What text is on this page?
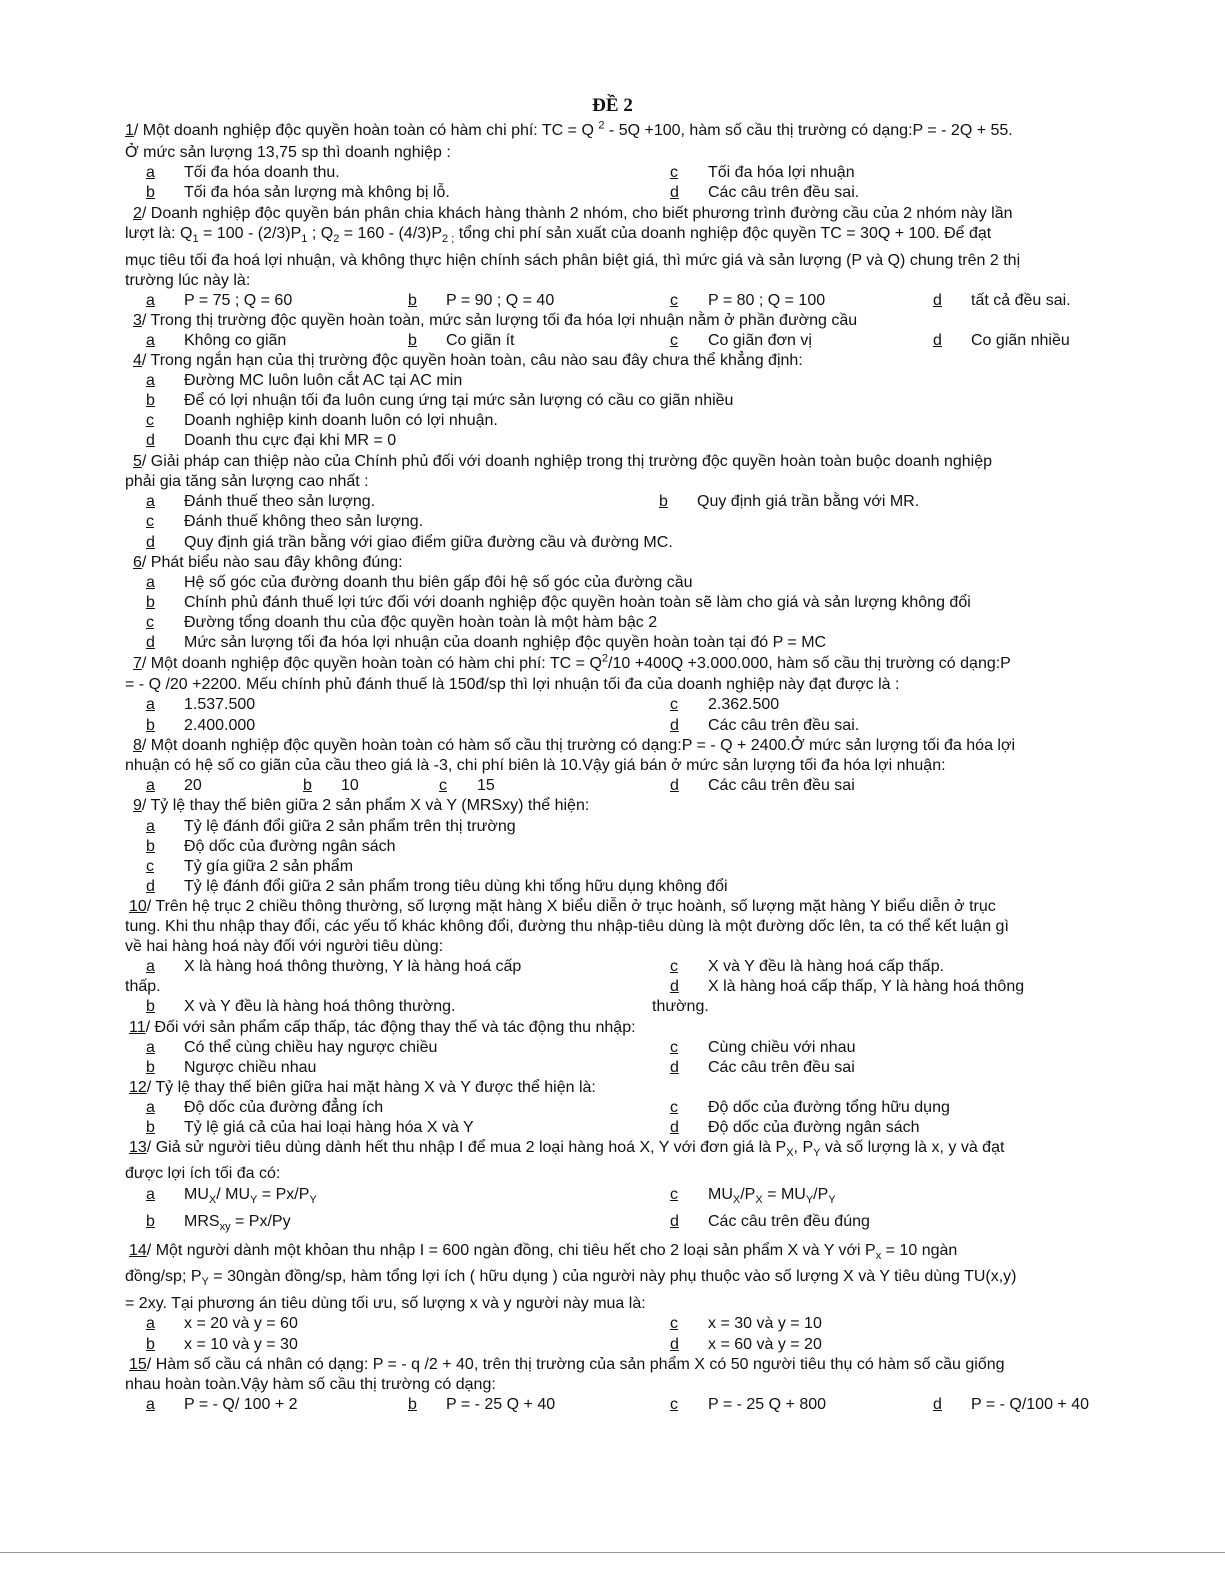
ĐỀ 2
1/ Một doanh nghiệp độc quyền hoàn toàn có hàm chi phí: TC = Q $^2$ - 5Q +100, hàm số cầu thị trường có dạng:P = - 2Q + 55.
Ở mức sản lượng 13,75 sp thì doanh nghiệp :
a Tối đa hóa doanh thu.
b Tối đa hóa sản lượng mà không bị lỗ.
c Tối đa hóa lợi nhuận
d Các câu trên đều sai.
2/ Doanh nghiệp độc quyền bán phân chia khách hàng thành 2 nhóm, cho biết phương trình đường cầu của 2 nhóm này lần
lượt là: $Q_1 = 100 - (2/3)P_1$ ; $Q_2 = 160 - (4/3)P_{2 ;}$ tổng chi phí sản xuất của doanh nghiệp độc quyền TC = 30Q + 100. Để đạt
mục tiêu tối đa hoá lợi nhuận, và không thực hiện chính sách phân biệt giá, thì mức giá và sản lượng (P và Q) chung trên 2 thị
trường lúc này là:
a P = 75 ; Q = 60	b P = 90 ; Q = 40	c P = 80 ; Q = 100	d tất cả đều sai.
3/ Trong thị trường độc quyền hoàn toàn, mức sản lượng tối đa hóa lợi nhuận nằm ở phần đường cầu
a Không co giãn	b Co giãn ít	c Co giãn đơn vị	d Co giãn nhiều
4/ Trong ngắn hạn của thị trường độc quyền hoàn toàn, câu nào sau đây chưa thể khẳng định:
a Đường MC luôn luôn cắt AC tại AC min
b Để có lợi nhuận tối đa luôn cung ứng tại mức sản lượng có cầu co giãn nhiều
c Doanh nghiệp kinh doanh luôn có lợi nhuận.
d Doanh thu cực đại khi MR = 0
5/ Giải pháp can thiệp nào của Chính phủ đối với doanh nghiệp trong thị trường độc quyền hoàn toàn buộc doanh nghiệp
phải gia tăng sản lượng cao nhất :
a Đánh thuế theo sản lượng.	b Quy định giá trần bằng với MR.
c Đánh thuế không theo sản lượng.
d Quy định giá trần bằng với giao điểm giữa đường cầu và đường MC.
6/ Phát biểu nào sau đây không đúng:
a Hệ số góc của đường doanh thu biên gấp đôi hệ số góc của đường cầu
b Chính phủ đánh thuế lợi tức đối với doanh nghiệp độc quyền hoàn toàn sẽ làm cho giá và sản lượng không đổi
c Đường tổng doanh thu của độc quyền hoàn toàn là một hàm bậc 2
d Mức sản lượng tối đa hóa lợi nhuận của doanh nghiệp độc quyền hoàn toàn tại đó P = MC
7/ Một doanh nghiệp độc quyền hoàn toàn có hàm chi phí: TC = $Q^2/10 +400Q +3.000.000$, hàm số cầu thị trường có dạng:P
= - Q /20 +2200. Mếu chính phủ đánh thuế là 150đ/sp thì lợi nhuận tối đa của doanh nghiệp này đạt được là :
a 1.537.500
b 2.400.000
c 2.362.500
d Các câu trên đều sai.
8/ Một doanh nghiệp độc quyền hoàn toàn có hàm số cầu thị trường có dạng:P = - Q + 2400.Ở mức sản lượng tối đa hóa lợi
nhuận có hệ số co giãn của cầu theo giá là -3, chi phí biên là 10.Vậy giá bán ở mức sản lượng tối đa hóa lợi nhuận:
a 20	b 10	c 15	d Các câu trên đều sai
9/ Tỷ lệ thay thế biên giữa 2 sản phẩm X và Y (MRSxy) thể hiện:
a Tỷ lệ đánh đổi giữa 2 sản phẩm trên thị trường
b Độ dốc của đường ngân sách
c Tỷ gía giữa 2 sản phẩm
d Tỷ lệ đánh đổi giữa 2 sản phẩm trong tiêu dùng khi tổng hữu dụng không đổi
10/ Trên hệ trục 2 chiều thông thường, số lượng mặt hàng X biểu diễn ở trục hoành, số lượng mặt hàng Y biểu diễn ở trục
tung. Khi thu nhập thay đổi, các yếu tố khác không đổi, đường thu nhập-tiêu dùng là một đường dốc lên, ta có thể kết luận gì
về hai hàng hoá này đối với người tiêu dùng:
a X là hàng hoá thông thường, Y là hàng hoá cấp
thấp.
b X và Y đều là hàng hoá thông thường.
c X và Y đều là hàng hoá cấp thấp.
d X là hàng hoá cấp thấp, Y là hàng hoá thông
thường.
11/ Đối với sản phẩm cấp thấp, tác động thay thế và tác động thu nhập:
a Có thể cùng chiều hay ngược chiều
b Ngược chiều nhau
c Cùng chiều với nhau
d Các câu trên đều sai
12/ Tỷ lệ thay thế biên giữa hai mặt hàng X và Y được thể hiện là:
a Độ dốc của đường đẳng ích
b Tỷ lệ giá cả của hai loại hàng hóa X và Y
c Độ dốc của đường tổng hữu dụng
d Độ dốc của đường ngân sách
13/ Giả sử người tiêu dùng dành hết thu nhập I để mua 2 loại hàng hoá X, Y với đơn giá là $P_X$, $P_Y$ và số lượng là x, y và đạt
được lợi ích tối đa có:
a $MU_X/$ $MU_Y = Px/P_Y$
b $MRS_{xy} = Px/Py$
c $MU_X/P_X = MU_Y/P_Y$
d Các câu trên đều đúng
14/ Một người dành một khỏan thu nhập I = 600 ngàn đồng, chi tiêu hết cho 2 loại sản phẩm X và Y với $P_x = 10$ ngàn
đồng/sp; $P_Y$ = 30ngàn đồng/sp, hàm tổng lợi ích ( hữu dụng ) của người này phụ thuộc vào số lượng X và Y tiêu dùng TU(x,y)
= 2xy. Tại phương án tiêu dùng tối ưu, số lượng x và y người này mua là:
a x = 20 và y = 60
b x = 10 và y = 30
c x = 30 và y = 10
d x = 60 và y = 20
15/ Hàm số cầu cá nhân có dạng: P = - q /2 + 40, trên thị trường của sản phẩm X có 50 người tiêu thụ có hàm số cầu giống
nhau hoàn toàn.Vậy hàm số cầu thị trường có dạng:
a P = - Q/ 100 + 2	b P = - 25 Q + 40	c P = - 25 Q + 800	d P = - Q/100 + 40
